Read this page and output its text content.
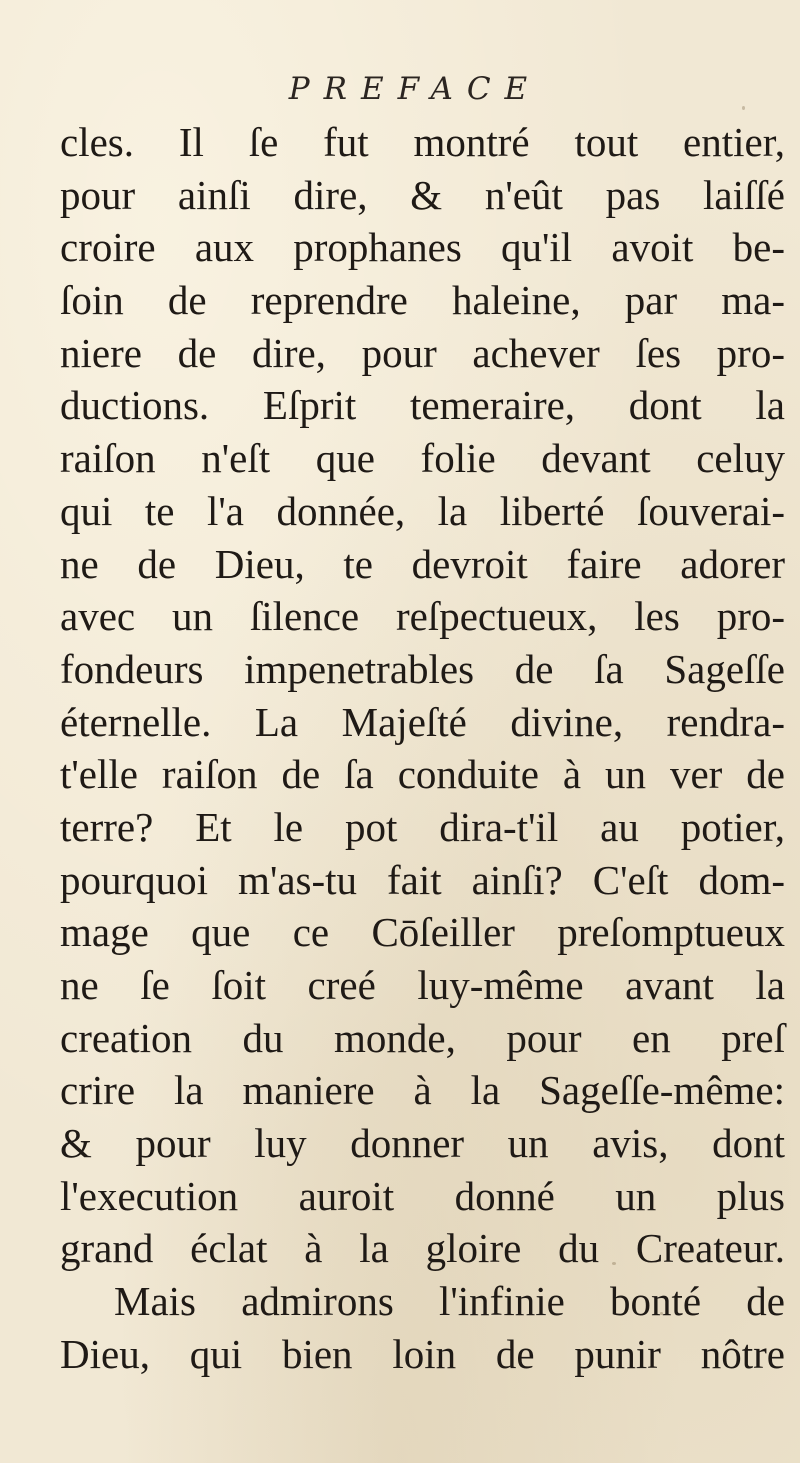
PREFACE
cles. Il ſe fut montré tout entier,
pour ainſi dire, & n'eût pas laiſſé
croire aux prophanes qu'il avoit be-
ſoin de reprendre haleine, par ma-
niere de dire, pour achever ſes pro-
ductions. Eſprit temeraire, dont la
raiſon n'eſt que folie devant celuy
qui te l'a donnée, la liberté ſouverai-
ne de Dieu, te devroit faire adorer
avec un ſilence reſpectueux, les pro-
fondeurs impenetrables de ſa Sageſſe
éternelle. La Majeſté divine, rendra-
t'elle raiſon de ſa conduite à un ver de
terre? Et le pot dira-t'il au potier,
pourquoi m'as-tu fait ainſi? C'eſt dom-
mage que ce Cōſeiller preſomptueux
ne ſe ſoit creé luy-même avant la
creation du monde, pour en preſ
crire la maniere à la Sageſſe-même:
& pour luy donner un avis, dont
l'execution auroit donné un plus
grand éclat à la gloire du Createur.
Mais admirons l'infinie bonté de
Dieu, qui bien loin de punir nôtre
